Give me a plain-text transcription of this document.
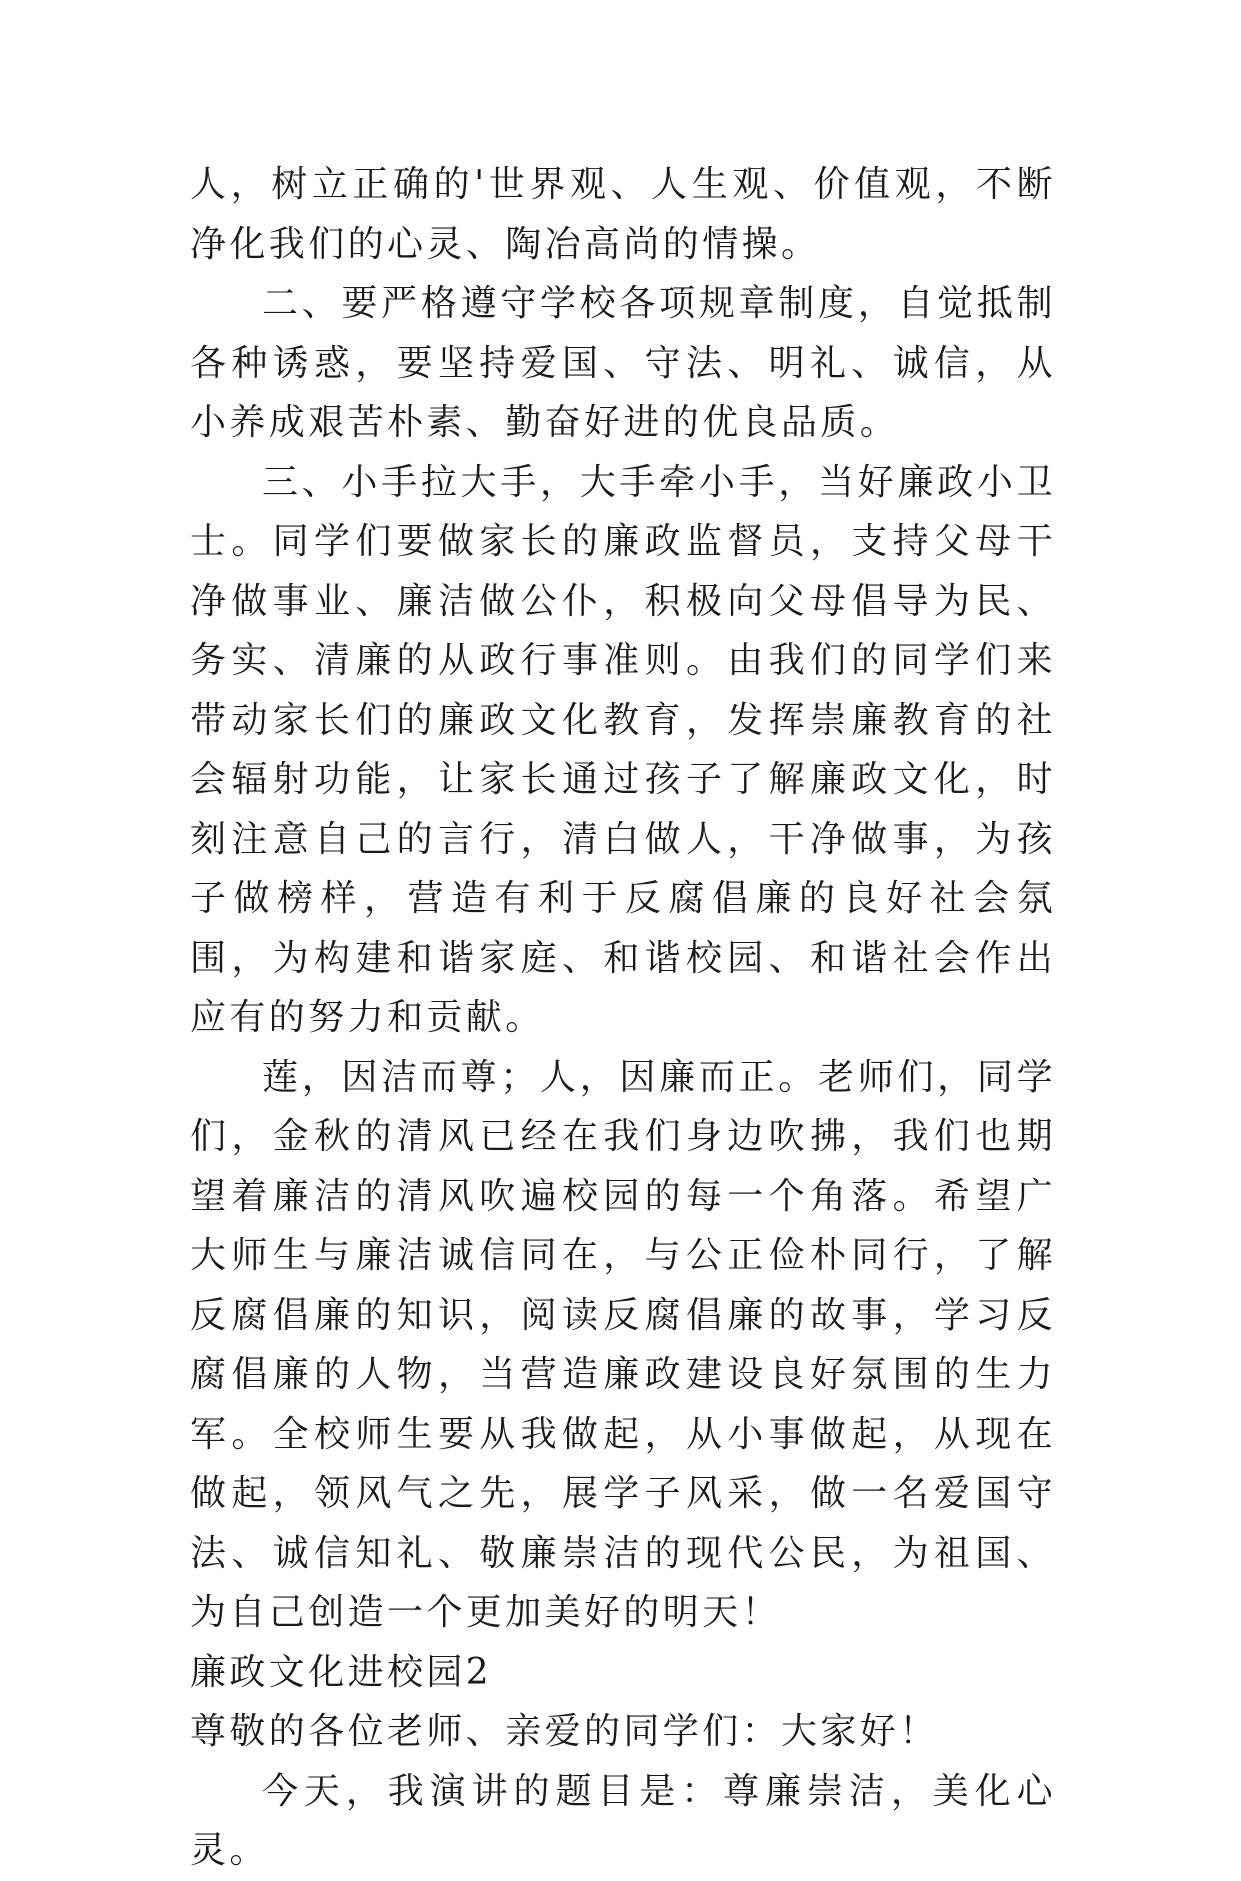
人，树立正确的'世界观、人生观、价值观，不断净化我们的心灵、陶冶高尚的情操。

二、要严格遵守学校各项规章制度，自觉抵制各种诱惑，要坚持爱国、守法、明礼、诚信，从小养成艰苦朴素、勤奋好进的优良品质。

三、小手拉大手，大手牵小手，当好廉政小卫士。同学们要做家长的廉政监督员，支持父母干净做事业、廉洁做公仆，积极向父母倡导为民、务实、清廉的从政行事准则。由我们的同学们来带动家长们的廉政文化教育，发挥崇廉教育的社会辐射功能，让家长通过孩子了解廉政文化，时刻注意自己的言行，清白做人，干净做事，为孩子做榜样，营造有利于反腐倡廉的良好社会氛围，为构建和谐家庭、和谐校园、和谐社会作出应有的努力和贡献。

莲，因洁而尊；人，因廉而正。老师们，同学们，金秋的清风已经在我们身边吹拂，我们也期望着廉洁的清风吹遍校园的每一个角落。希望广大师生与廉洁诚信同在，与公正俭朴同行，了解反腐倡廉的知识，阅读反腐倡廉的故事，学习反腐倡廉的人物，当营造廉政建设良好氛围的生力军。全校师生要从我做起，从小事做起，从现在做起，领风气之先，展学子风采，做一名爱国守法、诚信知礼、敬廉崇洁的现代公民，为祖国、为自己创造一个更加美好的明天！

廉政文化进校园2

尊敬的各位老师、亲爱的同学们：大家好！

今天，我演讲的题目是：尊廉崇洁，美化心灵。
